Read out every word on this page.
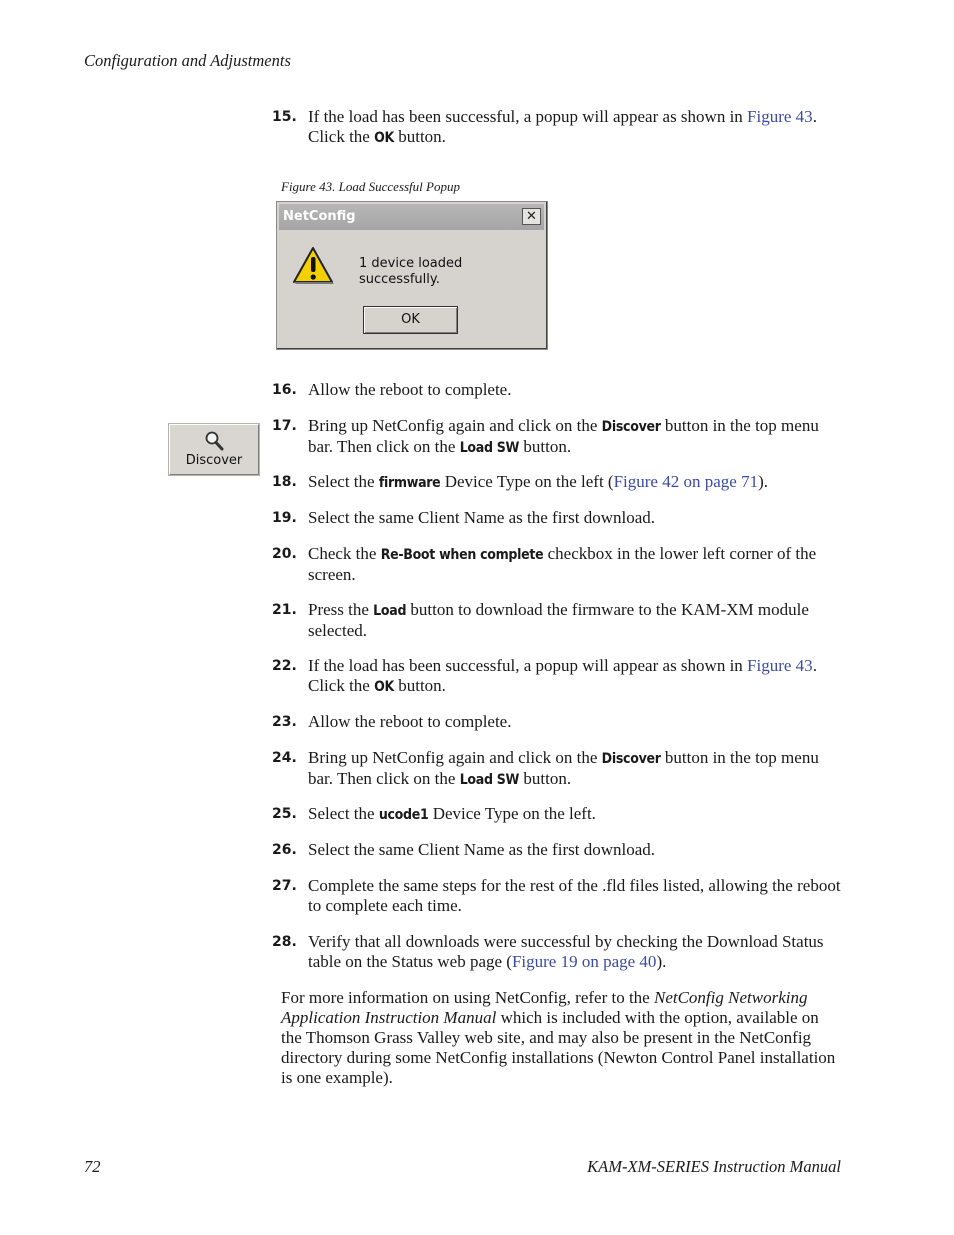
Configuration and Adjustments
15. If the load has been successful, a popup will appear as shown in Figure 43. Click the OK button.
Figure 43. Load Successful Popup
NetConfig	✕
1 device loaded successfully.
OK
16. Allow the reboot to complete.
Discover
17. Bring up NetConfig again and click on the Discover button in the top menu bar. Then click on the Load SW button.
18. Select the firmware Device Type on the left (Figure 42 on page 71).
19. Select the same Client Name as the first download.
20. Check the Re-Boot when complete checkbox in the lower left corner of the screen.
21. Press the Load button to download the firmware to the KAM-XM module selected.
22. If the load has been successful, a popup will appear as shown in Figure 43. Click the OK button.
23. Allow the reboot to complete.
24. Bring up NetConfig again and click on the Discover button in the top menu bar. Then click on the Load SW button.
25. Select the ucode1 Device Type on the left.
26. Select the same Client Name as the first download.
27. Complete the same steps for the rest of the .fld files listed, allowing the reboot to complete each time.
28. Verify that all downloads were successful by checking the Download Status table on the Status web page (Figure 19 on page 40).
For more information on using NetConfig, refer to the NetConfig Networking Application Instruction Manual which is included with the option, available on the Thomson Grass Valley web site, and may also be present in the NetConfig directory during some NetConfig installations (Newton Control Panel installation is one example).
72	KAM-XM-SERIES Instruction Manual
